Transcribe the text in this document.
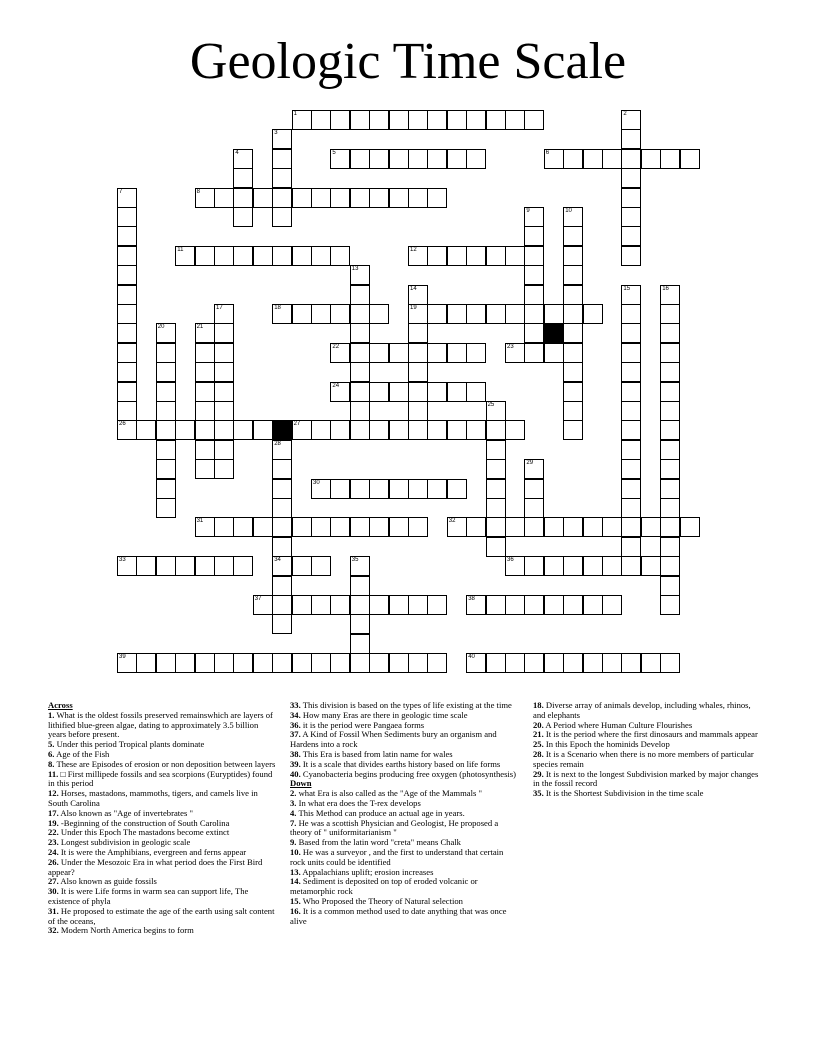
Geologic Time Scale
1	2
3
4	5	6
7	8
9	10
11	12
13
14
19
15	16
17	18
20	21
22	23
24
25
26	27
28
34
29
30
31	32
33	35	36
37	38
39	40
Across
1. What is the oldest fossils preserved remainswhich are layers of lithified blue-green algae, dating to approximately 3.5 billion years before present.
5. Under this period Tropical plants dominate
6. Age of the Fish
8. These are Episodes of erosion or non deposition between layers
11. □ First millipede fossils and sea scorpions (Euryptides) found in this period
12. Horses, mastadons, mammoths, tigers, and camels live in South Carolina
17. Also known as "Age of invertebrates "
19. -Beginning of the construction of South Carolina
22. Under this Epoch The mastadons become extinct
23. Longest subdivision in geologic scale
24. It is were the Amphibians, evergreen and ferns appear
26. Under the Mesozoic Era in what period does the First Bird appear?
27. Also known as guide fossils
30. It is were Life forms in warm sea can support life, The existence of phyla
31. He proposed to estimate the age of the earth using salt content of the oceans,
32. Modern North America begins to form
33. This division is based on the types of life existing at the time
34. How many Eras are there in geologic time scale
36. it is the period were Pangaea forms
37. A Kind of Fossil When Sediments bury an organism and Hardens into a rock
38. This Era is based from latin name for wales
39. It is a scale that divides earths history based on life forms
40. Cyanobacteria begins producing free oxygen (photosynthesis)
Down
2. what Era is also called as the "Age of the Mammals "
3. In what era does the T-rex develops
4. This Method can produce an actual age in years.
7. He was a scottish Physician and Geologist, He proposed a theory of " uniformitarianism "
9. Based from the latin word "creta" means Chalk
10. He was a surveyor , and the first to understand that certain rock units could be identified
13. Appalachians uplift; erosion increases
14. Sediment is deposited on top of eroded volcanic or metamorphic rock
15. Who Proposed the Theory of Natural selection
16. It is a common method used to date anything that was once alive
18. Diverse array of animals develop, including whales, rhinos, and elephants
20. A Period where Human Culture Flourishes
21. It is the period where the first dinosaurs and mammals appear
25. In this Epoch the hominids Develop
28. It is a Scenario when there is no more members of particular species remain
29. It is next to the longest Subdivision marked by major changes in the fossil record
35. It is the Shortest Subdivision in the time scale
